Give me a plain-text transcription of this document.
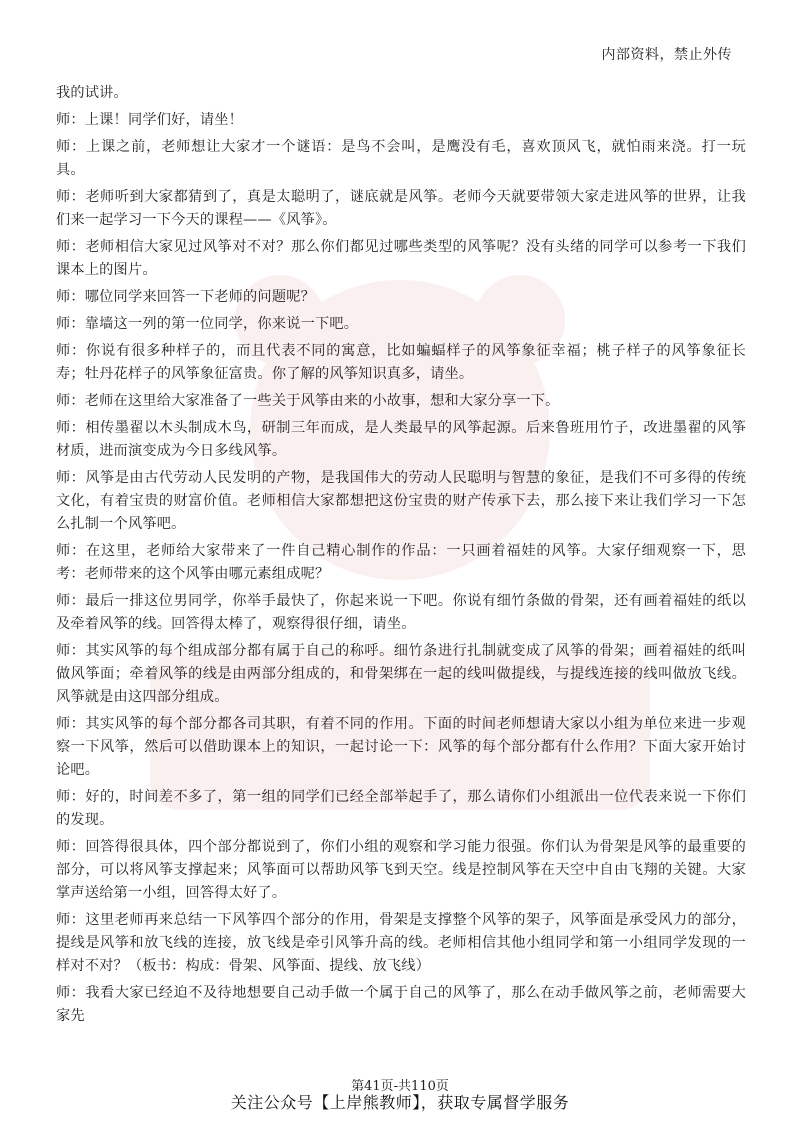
内部资料，禁止外传

我的试讲。

师：上课！同学们好，请坐！

师：上课之前，老师想让大家才一个谜语：是鸟不会叫，是鹰没有毛，喜欢顶风飞，就怕雨来浇。打一玩具。

师：老师听到大家都猜到了，真是太聪明了，谜底就是风筝。老师今天就要带领大家走进风筝的世界，让我们来一起学习一下今天的课程——《风筝》。

师：老师相信大家见过风筝对不对？那么你们都见过哪些类型的风筝呢？没有头绪的同学可以参考一下我们课本上的图片。

师：哪位同学来回答一下老师的问题呢？

师：靠墙这一列的第一位同学，你来说一下吧。

师：你说有很多种样子的，而且代表不同的寓意，比如蝙蝠样子的风筝象征幸福；桃子样子的风筝象征长寿；牡丹花样子的风筝象征富贵。你了解的风筝知识真多，请坐。

师：老师在这里给大家准备了一些关于风筝由来的小故事，想和大家分享一下。

师：相传墨翟以木头制成木鸟，研制三年而成，是人类最早的风筝起源。后来鲁班用竹子，改进墨翟的风筝材质，进而演变成为今日多线风筝。

师：风筝是由古代劳动人民发明的产物，是我国伟大的劳动人民聪明与智慧的象征，是我们不可多得的传统文化，有着宝贵的财富价值。老师相信大家都想把这份宝贵的财产传承下去，那么接下来让我们学习一下怎么扎制一个风筝吧。

师：在这里，老师给大家带来了一件自己精心制作的作品：一只画着福娃的风筝。大家仔细观察一下，思考：老师带来的这个风筝由哪元素组成呢？

师：最后一排这位男同学，你举手最快了，你起来说一下吧。你说有细竹条做的骨架，还有画着福娃的纸以及牵着风筝的线。回答得太棒了，观察得很仔细，请坐。

师：其实风筝的每个组成部分都有属于自己的称呼。细竹条进行扎制就变成了风筝的骨架；画着福娃的纸叫做风筝面；牵着风筝的线是由两部分组成的，和骨架绑在一起的线叫做提线，与提线连接的线叫做放飞线。风筝就是由这四部分组成。

师：其实风筝的每个部分都各司其职，有着不同的作用。下面的时间老师想请大家以小组为单位来进一步观察一下风筝，然后可以借助课本上的知识，一起讨论一下：风筝的每个部分都有什么作用？下面大家开始讨论吧。

师：好的，时间差不多了，第一组的同学们已经全部举起手了，那么请你们小组派出一位代表来说一下你们的发现。

师：回答得很具体，四个部分都说到了，你们小组的观察和学习能力很强。你们认为骨架是风筝的最重要的部分，可以将风筝支撑起来；风筝面可以帮助风筝飞到天空。线是控制风筝在天空中自由飞翔的关键。大家掌声送给第一小组，回答得太好了。

师：这里老师再来总结一下风筝四个部分的作用，骨架是支撑整个风筝的架子，风筝面是承受风力的部分，提线是风筝和放飞线的连接，放飞线是牵引风筝升高的线。老师相信其他小组同学和第一小组同学发现的一样对不对？（板书：构成：骨架、风筝面、提线、放飞线）

师：我看大家已经迫不及待地想要自己动手做一个属于自己的风筝了，那么在动手做风筝之前，老师需要大家先

第41页-共110页
关注公众号【上岸熊教师】，获取专属督学服务
